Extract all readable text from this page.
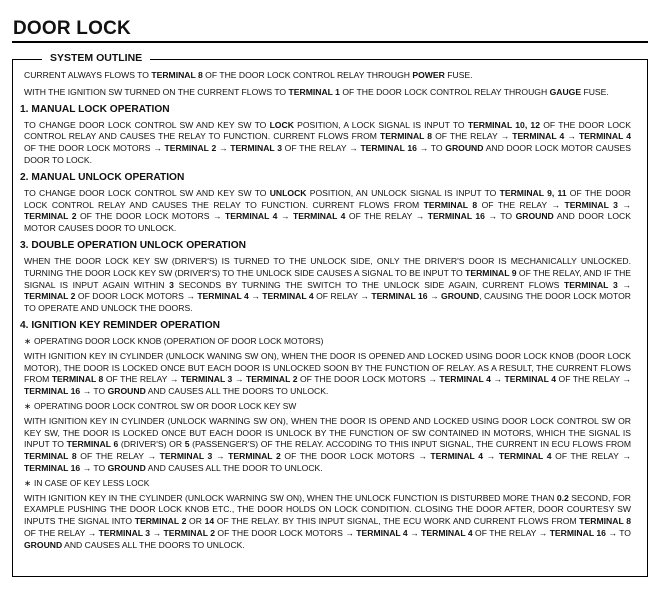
DOOR LOCK
SYSTEM OUTLINE

CURRENT ALWAYS FLOWS TO TERMINAL 8 OF THE DOOR LOCK CONTROL RELAY THROUGH POWER FUSE.

WITH THE IGNITION SW TURNED ON THE CURRENT FLOWS TO TERMINAL 1 OF THE DOOR LOCK CONTROL RELAY THROUGH GAUGE FUSE.

1. MANUAL LOCK OPERATION

TO CHANGE DOOR LOCK CONTROL SW AND KEY SW TO LOCK POSITION, A LOCK SIGNAL IS INPUT TO TERMINAL 10, 12 OF THE DOOR LOCK CONTROL RELAY AND CAUSES THE RELAY TO FUNCTION. CURRENT FLOWS FROM TERMINAL 8 OF THE RELAY → TERMINAL 4 → TERMINAL 4 OF THE DOOR LOCK MOTORS → TERMINAL 2 → TERMINAL 3 OF THE RELAY → TERMINAL 16 → TO GROUND AND DOOR LOCK MOTOR CAUSES DOOR TO LOCK.

2. MANUAL UNLOCK OPERATION

TO CHANGE DOOR LOCK CONTROL SW AND KEY SW TO UNLOCK POSITION, AN UNLOCK SIGNAL IS INPUT TO TERMINAL 9, 11 OF THE DOOR LOCK CONTROL RELAY AND CAUSES THE RELAY TO FUNCTION. CURRENT FLOWS FROM TERMINAL 8 OF THE RELAY → TERMINAL 3 → TERMINAL 2 OF THE DOOR LOCK MOTORS → TERMINAL 4 → TERMINAL 4 OF THE RELAY → TERMINAL 16 → TO GROUND AND DOOR LOCK MOTOR CAUSES DOOR TO UNLOCK.

3. DOUBLE OPERATION UNLOCK OPERATION

WHEN THE DOOR LOCK KEY SW (DRIVER'S) IS TURNED TO THE UNLOCK SIDE, ONLY THE DRIVER'S DOOR IS MECHANICALLY UNLOCKED. TURNING THE DOOR LOCK KEY SW (DRIVER'S) TO THE UNLOCK SIDE CAUSES A SIGNAL TO BE INPUT TO TERMINAL 9 OF THE RELAY, AND IF THE SIGNAL IS INPUT AGAIN WITHIN 3 SECONDS BY TURNING THE SWITCH TO THE UNLOCK SIDE AGAIN, CURRENT FLOWS TERMINAL 3 → TERMINAL 2 OF DOOR LOCK MOTORS → TERMINAL 4 → TERMINAL 4 OF RELAY → TERMINAL 16 → GROUND, CAUSING THE DOOR LOCK MOTOR TO OPERATE AND UNLOCK THE DOORS.

4. IGNITION KEY REMINDER OPERATION
∗ OPERATING DOOR LOCK KNOB (OPERATION OF DOOR LOCK MOTORS)

WITH IGNITION KEY IN CYLINDER (UNLOCK WANING SW ON), WHEN THE DOOR IS OPENED AND LOCKED USING DOOR LOCK KNOB (DOOR LOCK MOTOR), THE DOOR IS LOCKED ONCE BUT EACH DOOR IS UNLOCKED SOON BY THE FUNCTION OF RELAY. AS A RESULT, THE CURRENT FLOWS FROM TERMINAL 8 OF THE RELAY → TERMINAL 3 → TERMINAL 2 OF THE DOOR LOCK MOTORS → TERMINAL 4 → TERMINAL 4 OF THE RELAY → TERMINAL 16 → TO GROUND AND CAUSES ALL THE DOORS TO UNLOCK.

∗ OPERATING DOOR LOCK CONTROL SW OR DOOR LOCK KEY SW

WITH IGNITION KEY IN CYLINDER (UNLOCK WARNING SW ON), WHEN THE DOOR IS OPEND AND LOCKED USING DOOR LOCK CONTROL SW OR KEY SW, THE DOOR IS LOCKED ONCE BUT EACH DOOR IS UNLOCK BY THE FUNCTION OF SW CONTAINED IN MOTORS, WHICH THE SIGNAL IS INPUT TO TERMINAL 6 (DRIVER'S) OR 5 (PASSENGER'S) OF THE RELAY. ACCODING TO THIS INPUT SIGNAL, THE CURRENT IN ECU FLOWS FROM TERMINAL 8 OF THE RELAY → TERMINAL 3 → TERMINAL 2 OF THE DOOR LOCK MOTORS → TERMINAL 4 → TERMINAL 4 OF THE RELAY → TERMINAL 16 → TO GROUND AND CAUSES ALL THE DOOR TO UNLOCK.

∗ IN CASE OF KEY LESS LOCK

WITH IGNITION KEY IN THE CYLINDER (UNLOCK WARNING SW ON), WHEN THE UNLOCK FUNCTION IS DISTURBED MORE THAN 0.2 SECOND, FOR EXAMPLE PUSHING THE DOOR LOCK KNOB ETC., THE DOOR HOLDS ON LOCK CONDITION. CLOSING THE DOOR AFTER, DOOR COURTESY SW INPUTS THE SIGNAL INTO TERMINAL 2 OR 14 OF THE RELAY. BY THIS INPUT SIGNAL, THE ECU WORK AND CURRENT FLOWS FROM TERMINAL 8 OF THE RELAY → TERMINAL 3 → TERMINAL 2 OF THE DOOR LOCK MOTORS → TERMINAL 4 → TERMINAL 4 OF THE RELAY → TERMINAL 16 → TO GROUND AND CAUSES ALL THE DOORS TO UNLOCK.
